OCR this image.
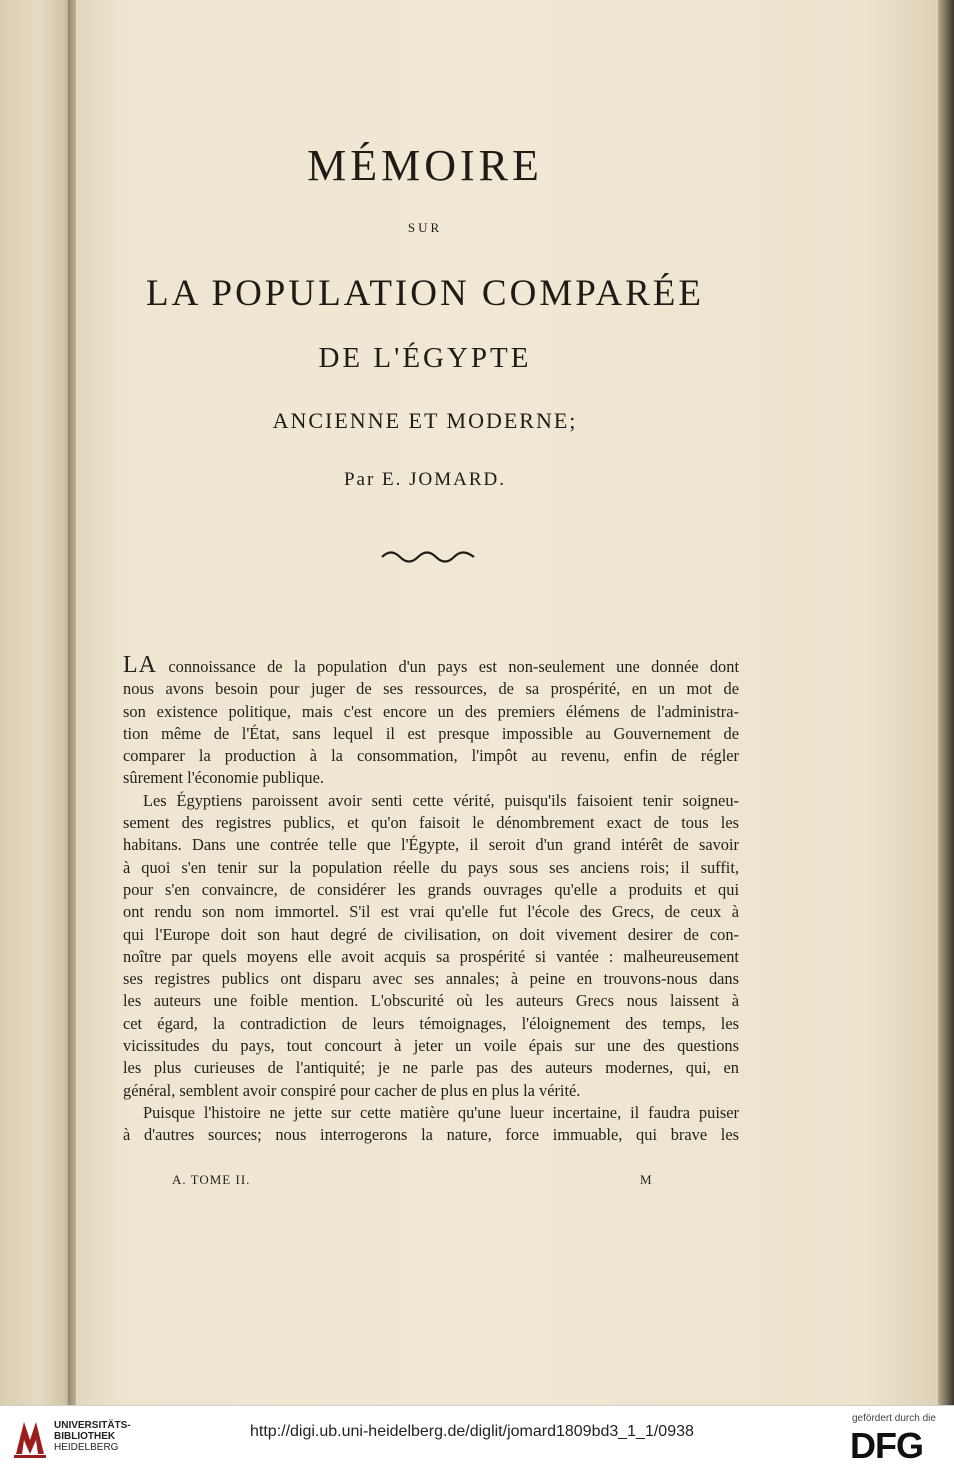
MÉMOIRE
SUR
LA POPULATION COMPARÉE
DE L'ÉGYPTE
ANCIENNE ET MODERNE;
Par E. JOMARD.

LA connoissance de la population d'un pays est non-seulement une donnée dont
nous avons besoin pour juger de ses ressources, de sa prospérité, en un mot de
son existence politique, mais c'est encore un des premiers élémens de l'administra-
tion même de l'État, sans lequel il est presque impossible au Gouvernement de
comparer la production à la consommation, l'impôt au revenu, enfin de régler
sûrement l'économie publique.

Les Égyptiens paroissent avoir senti cette vérité, puisqu'ils faisoient tenir soigneu-
sement des registres publics, et qu'on faisoit le dénombrement exact de tous les
habitans. Dans une contrée telle que l'Égypte, il seroit d'un grand intérêt de savoir
à quoi s'en tenir sur la population réelle du pays sous ses anciens rois; il suffit,
pour s'en convaincre, de considérer les grands ouvrages qu'elle a produits et qui
ont rendu son nom immortel. S'il est vrai qu'elle fut l'école des Grecs, de ceux à
qui l'Europe doit son haut degré de civilisation, on doit vivement desirer de con-
noître par quels moyens elle avoit acquis sa prospérité si vantée : malheureusement
ses registres publics ont disparu avec ses annales; à peine en trouvons-nous dans
les auteurs une foible mention. L'obscurité où les auteurs Grecs nous laissent à
cet égard, la contradiction de leurs témoignages, l'éloignement des temps, les
vicissitudes du pays, tout concourt à jeter un voile épais sur une des questions
les plus curieuses de l'antiquité; je ne parle pas des auteurs modernes, qui, en
général, semblent avoir conspiré pour cacher de plus en plus la vérité.

Puisque l'histoire ne jette sur cette matière qu'une lueur incertaine, il faudra puiser
à d'autres sources; nous interrogerons la nature, force immuable, qui brave les

A. TOME II.	M
UNIVERSITÄTS-
BIBLIOTHEK
HEIDELBERG
http://digi.ub.uni-heidelberg.de/diglit/jomard1809bd3_1_1/0938
gefördert durch die
DFG
